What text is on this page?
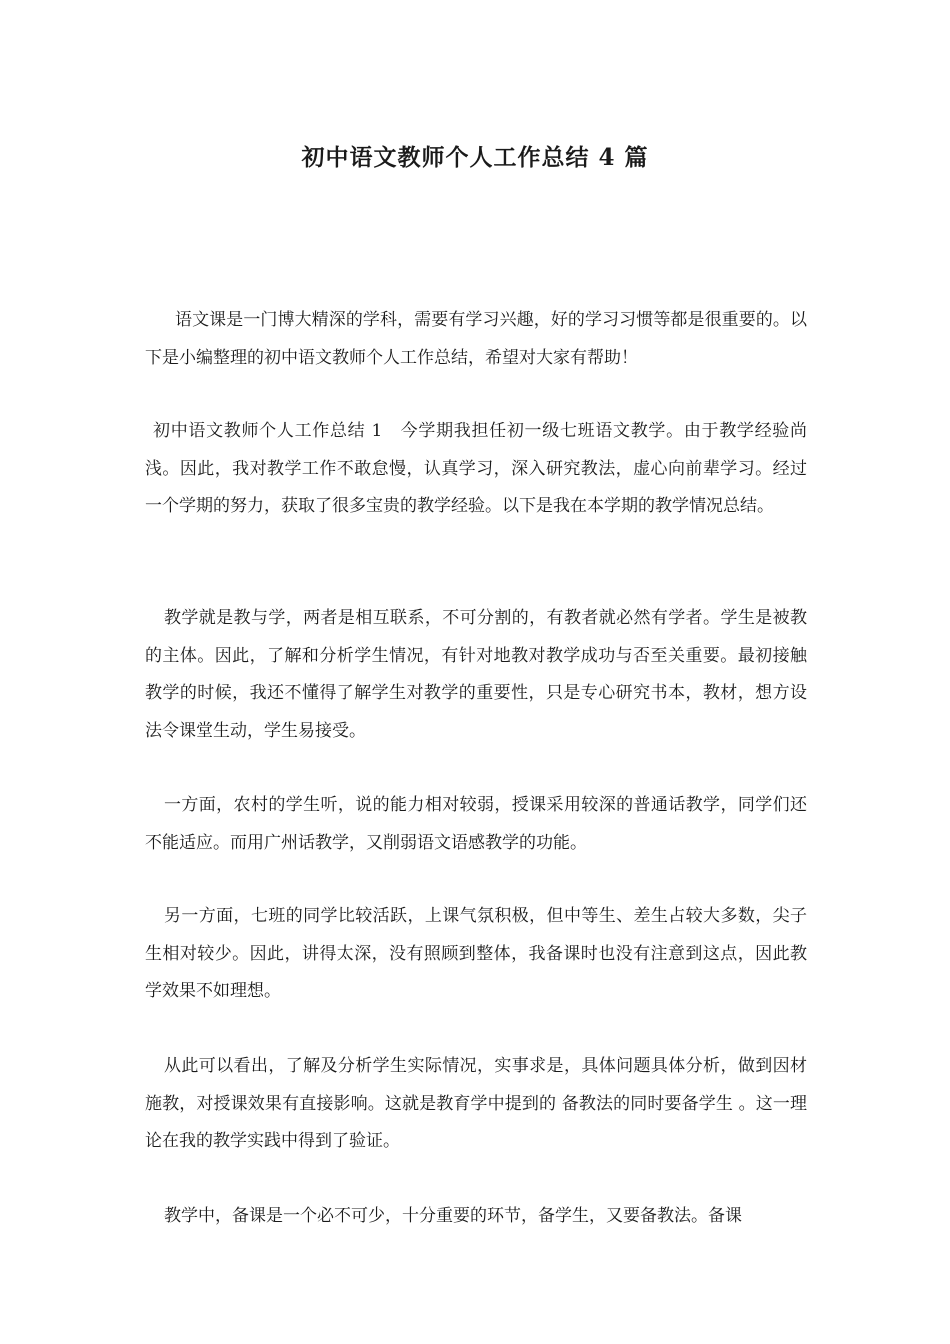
初中语文教师个人工作总结 4 篇

语文课是一门博大精深的学科，需要有学习兴趣，好的学习习惯等都是很重要的。以下是小编整理的初中语文教师个人工作总结，希望对大家有帮助！

初中语文教师个人工作总结 1　今学期我担任初一级七班语文教学。由于教学经验尚浅。因此，我对教学工作不敢怠慢，认真学习，深入研究教法，虚心向前辈学习。经过一个学期的努力，获取了很多宝贵的教学经验。以下是我在本学期的教学情况总结。

教学就是教与学，两者是相互联系，不可分割的，有教者就必然有学者。学生是被教的主体。因此，了解和分析学生情况，有针对地教对教学成功与否至关重要。最初接触教学的时候，我还不懂得了解学生对教学的重要性，只是专心研究书本，教材，想方设法令课堂生动，学生易接受。

一方面，农村的学生听，说的能力相对较弱，授课采用较深的普通话教学，同学们还不能适应。而用广州话教学，又削弱语文语感教学的功能。

另一方面，七班的同学比较活跃，上课气氛积极，但中等生、差生占较大多数，尖子生相对较少。因此，讲得太深，没有照顾到整体，我备课时也没有注意到这点，因此教学效果不如理想。

从此可以看出，了解及分析学生实际情况，实事求是，具体问题具体分析，做到因材施教，对授课效果有直接影响。这就是教育学中提到的 备教法的同时要备学生 。这一理论在我的教学实践中得到了验证。

教学中，备课是一个必不可少，十分重要的环节，备学生，又要备教法。备课
